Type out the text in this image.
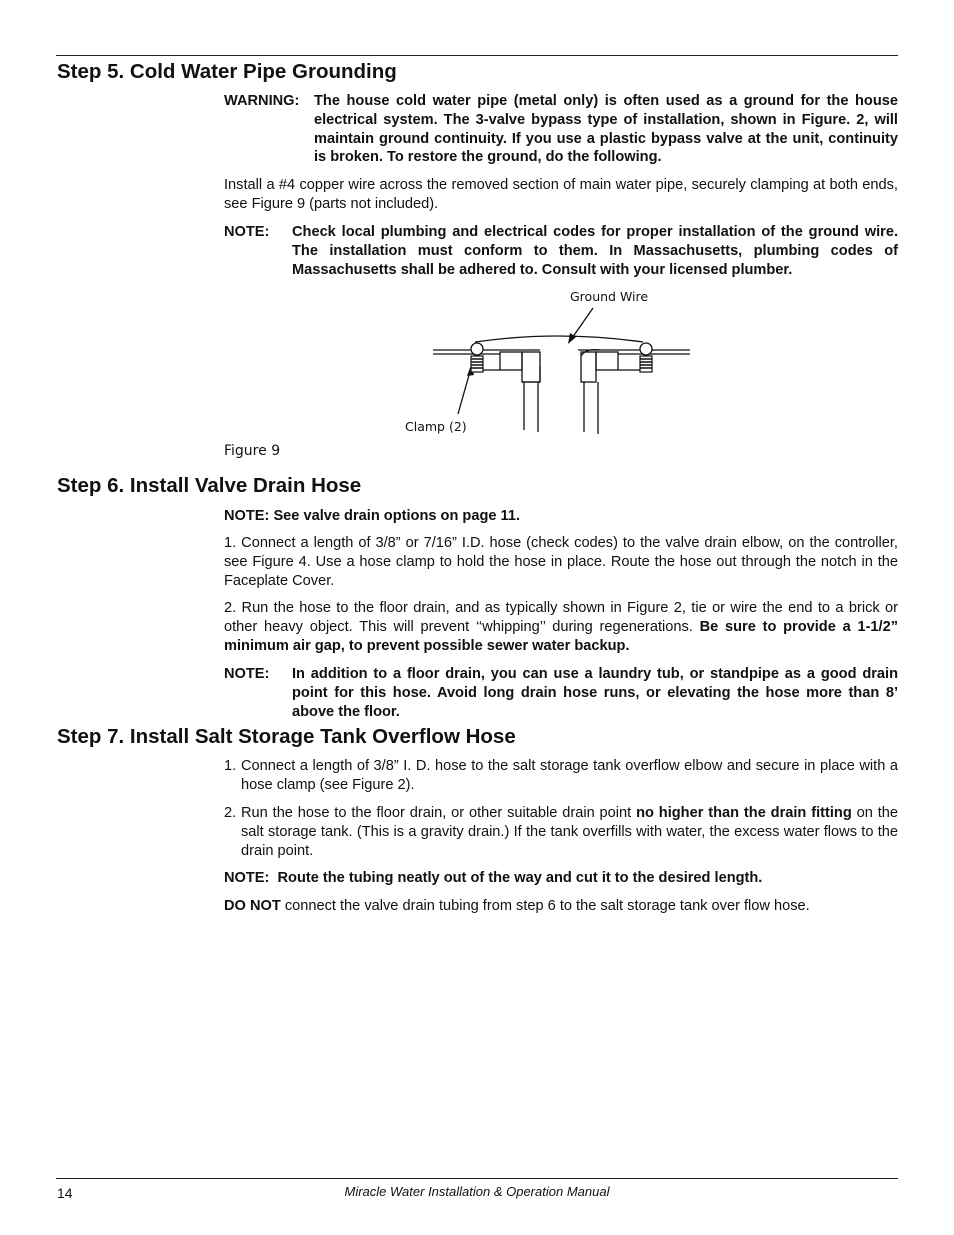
Step 5. Cold Water Pipe Grounding
WARNING: The house cold water pipe (metal only) is often used as a ground for the house electrical system. The 3-valve bypass type of installation, shown in Figure. 2, will maintain ground continuity. If you use a plastic bypass valve at the unit, continuity is broken. To restore the ground, do the following.
Install a #4 copper wire across the removed section of main water pipe, securely clamping at both ends, see Figure 9 (parts not included).
NOTE:	Check local plumbing and electrical codes for proper installation of the ground wire. The installation must conform to them. In Massachusetts, plumbing codes of Massachusetts shall be adhered to. Consult with your licensed plumber.
Ground Wire
Clamp (2)
Figure 9
Step 6. Install Valve Drain Hose
NOTE: See valve drain options on page 11.
1. Connect a length of 3/8” or 7/16” I.D. hose (check codes) to the valve drain elbow, on the controller, see Figure 4. Use a hose clamp to hold the hose in place. Route the hose out through the notch in the Faceplate Cover.
2. Run the hose to the floor drain, and as typically shown in Figure 2, tie or wire the end to a brick or other heavy object. This will prevent ‘‘whipping’’ during regenerations. Be sure to provide a 1-1/2” minimum air gap, to prevent possible sewer water backup.
NOTE:	In addition to a floor drain, you can use a laundry tub, or standpipe as a good drain point for this hose. Avoid long drain hose runs, or elevating the hose more than 8’ above the floor.
Step 7. Install Salt Storage Tank Overflow Hose
1. Connect a length of 3/8” I. D. hose to the salt storage tank overflow elbow and secure in place with a hose clamp (see Figure 2).
2. Run the hose to the floor drain, or other suitable drain point no higher than the drain fitting on the salt storage tank. (This is a gravity drain.) If the tank overfills with water, the excess water flows to the drain point.
NOTE:  Route the tubing neatly out of the way and cut it to the desired length.
DO NOT connect the valve drain tubing from step 6 to the salt storage tank over flow hose.
14	Miracle Water Installation & Operation Manual
